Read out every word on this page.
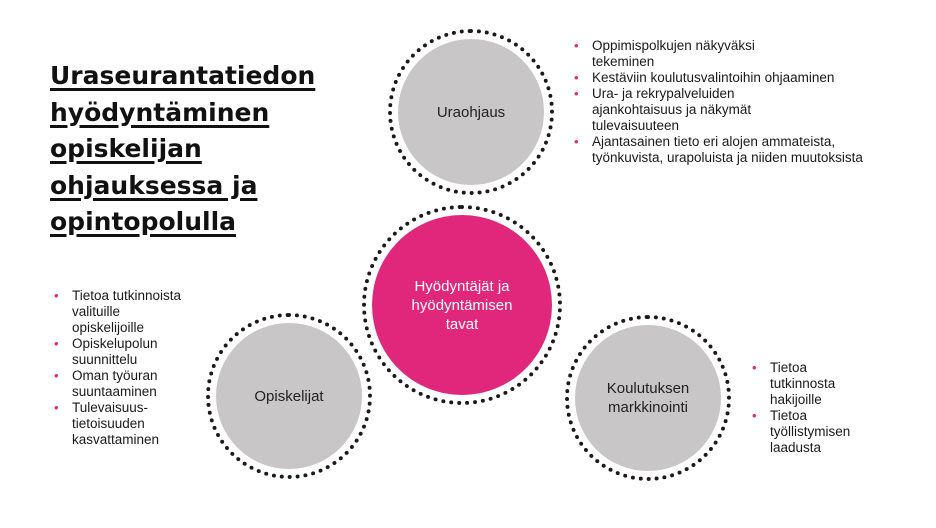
Uraseurantatiedon
hyödyntäminen
opiskelijan
ohjauksessa ja
opintopolulla
Uraohjaus
Opiskelijat	Koulutuksen markkinointi
Hyödyntäjät ja hyödyntämisen tavat
• Oppimispolkujen näkyväksi tekeminen
• Kestäviin koulutusvalintoihin ohjaaminen
• Ura- ja rekrypalveluiden ajankohtaisuus ja näkymät tulevaisuuteen
• Ajantasainen tieto eri alojen ammateista, työnkuvista, urapoluista ja niiden muutoksista
• Tietoa tutkinnoista valituille opiskelijoille
• Opiskelupolun suunnittelu
• Oman työuran suuntaaminen
• Tulevaisuus-tietoisuuden kasvattaminen
• Tietoa tutkinnosta hakijoille
• Tietoa työllistymisen laadusta
